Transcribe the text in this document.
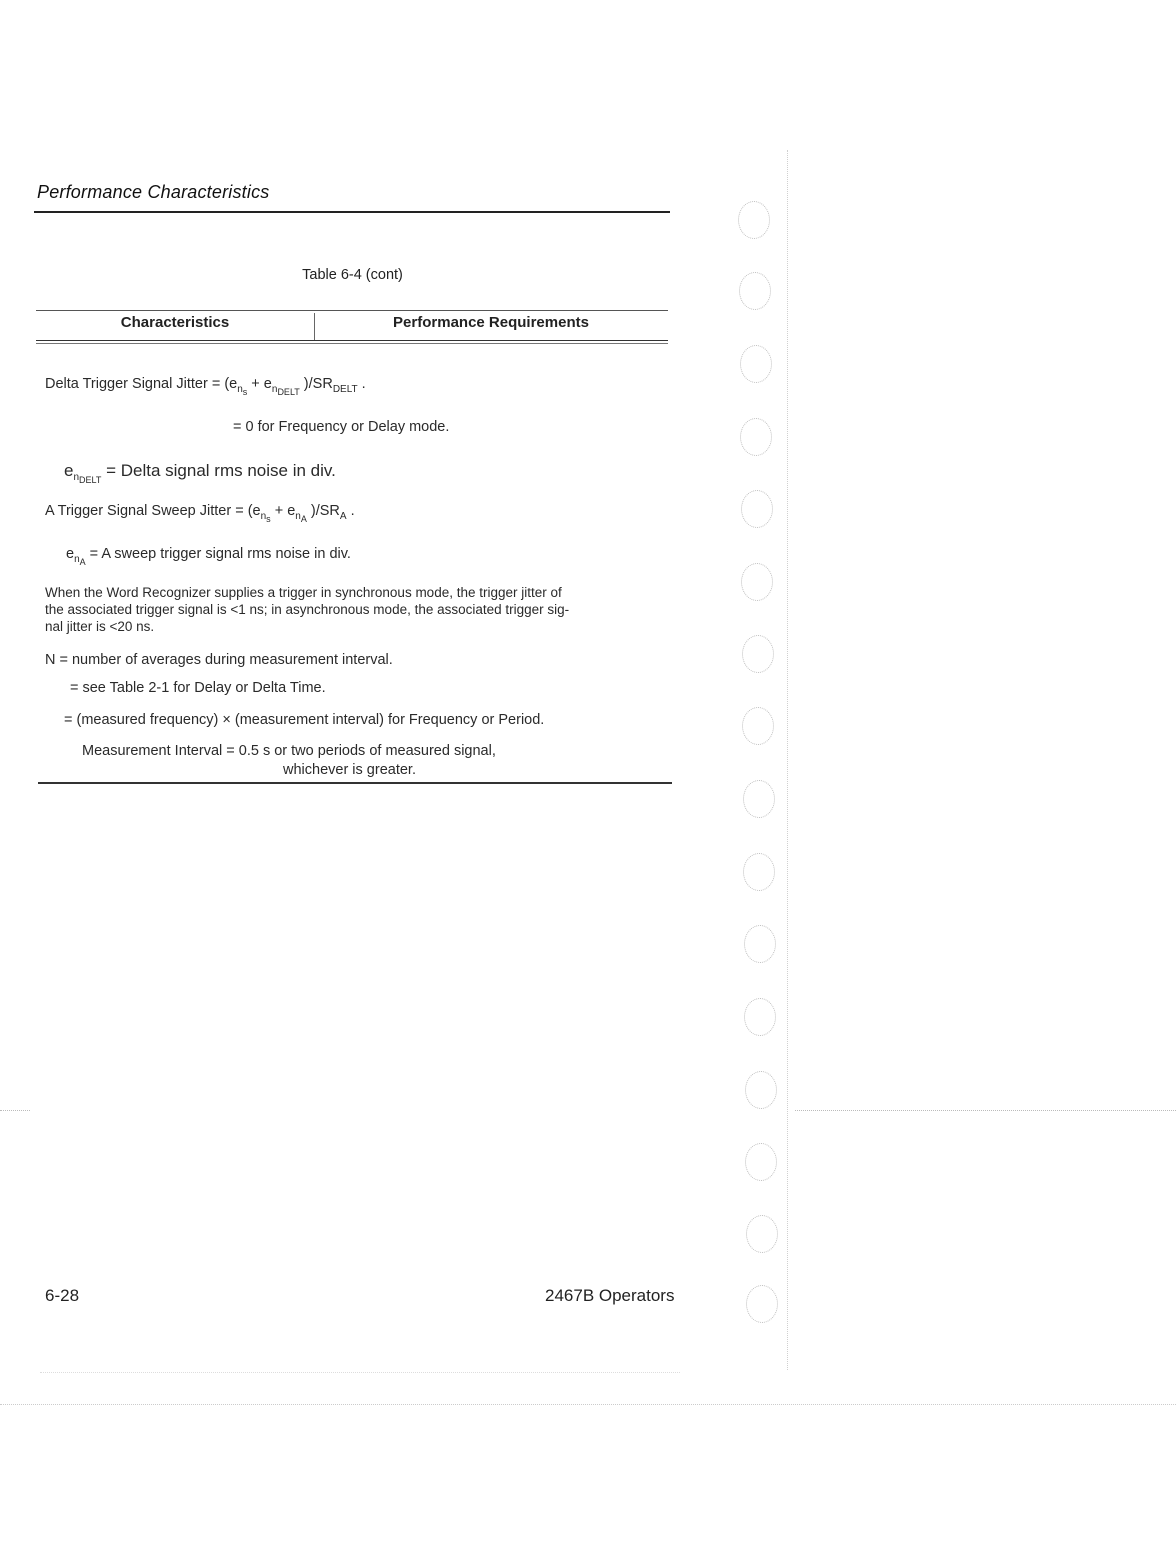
Performance Characteristics
Table 6-4 (cont)
Characteristics	Performance Requirements
Delta Trigger Signal Jitter = ($e_{n_s} + e_{n_{DELT}}$ )$/SR_{DELT}$ .
= 0 for Frequency or Delay mode.
$e_{n_{DELT}}$ = Delta signal rms noise in div.
A Trigger Signal Sweep Jitter = ($e_{n_s} + e_{n_A}$ )$/SR_A$ .
$e_{n_A} = A$ sweep trigger signal rms noise in div.
When the Word Recognizer supplies a trigger in synchronous mode, the trigger jitter of
the associated trigger signal is <1 ns; in asynchronous mode, the associated trigger sig-
nal jitter is <20 ns.
N = number of averages during measurement interval.
= see Table 2-1 for Delay or Delta Time.
= (measured frequency) × (measurement interval) for Frequency or Period.
Measurement Interval = 0.5 s or two periods of measured signal,
whichever is greater.
6-28	2467B Operators
